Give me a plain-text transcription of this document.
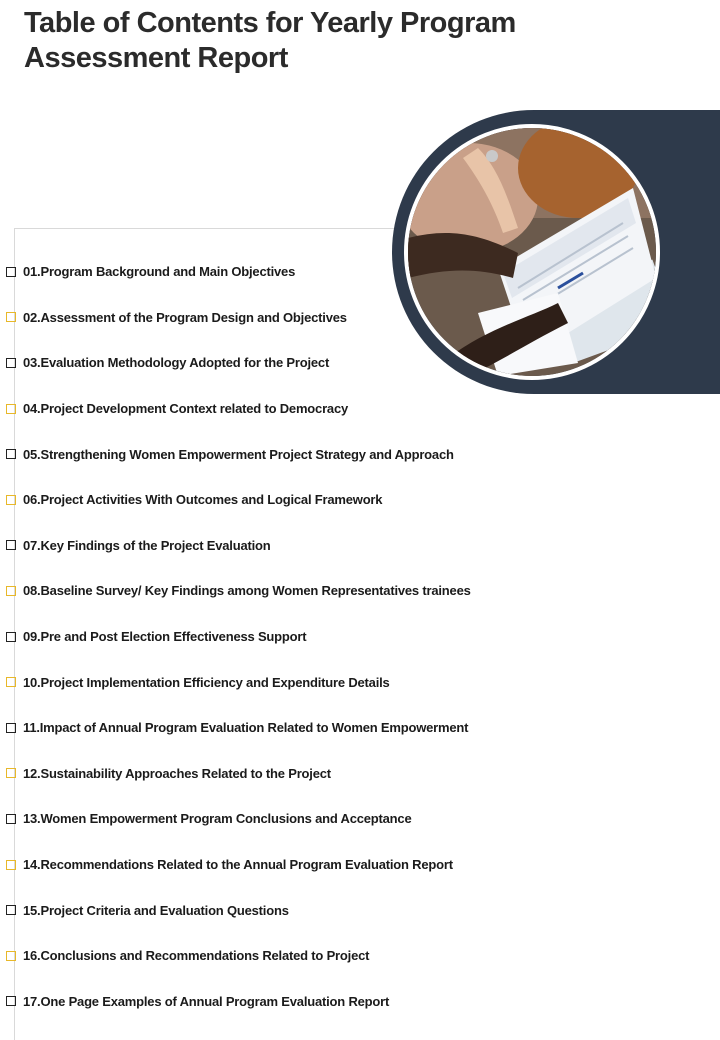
Table of Contents for Yearly Program Assessment Report
01.Program Background and Main Objectives
02.Assessment of the Program Design and Objectives
03.Evaluation Methodology Adopted for the Project
04.Project Development Context related to Democracy
05.Strengthening Women Empowerment Project Strategy and Approach
06.Project Activities With Outcomes and Logical Framework
07.Key Findings of the Project Evaluation
08.Baseline Survey/ Key Findings among Women Representatives trainees
09.Pre and Post Election Effectiveness Support
10.Project Implementation Efficiency and Expenditure Details
11.Impact of Annual Program Evaluation Related to Women Empowerment
12.Sustainability Approaches Related to the Project
13.Women Empowerment Program Conclusions and Acceptance
14.Recommendations Related to the Annual Program Evaluation Report
15.Project Criteria and Evaluation Questions
16.Conclusions and Recommendations Related to Project
17.One Page Examples of Annual Program Evaluation Report
